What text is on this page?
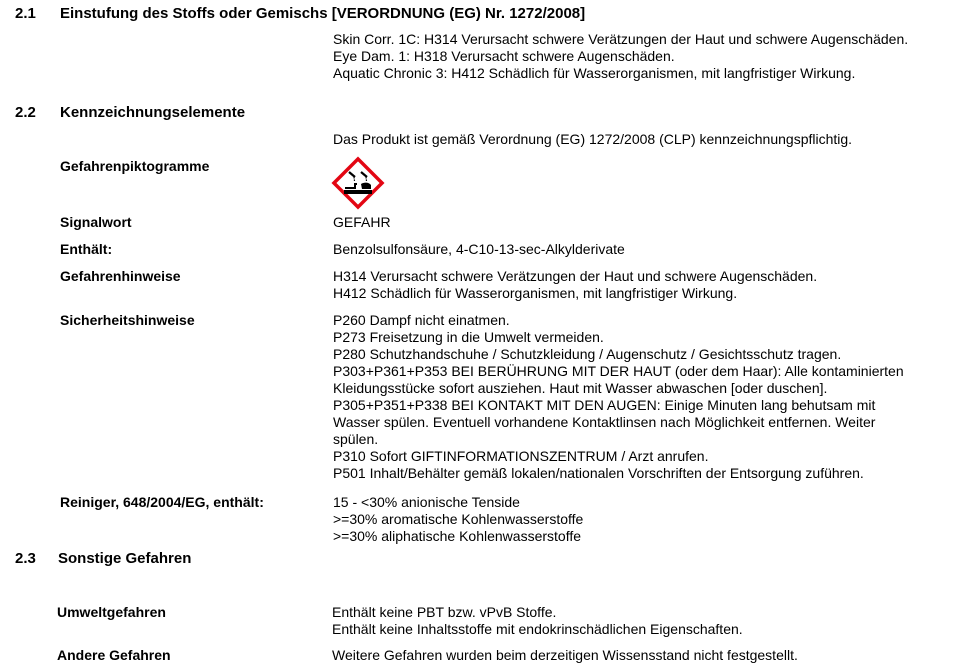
2.1 Einstufung des Stoffs oder Gemischs [VERORDNUNG (EG) Nr. 1272/2008]
Skin Corr. 1C: H314 Verursacht schwere Verätzungen der Haut und schwere Augenschäden.
Eye Dam. 1: H318 Verursacht schwere Augenschäden.
Aquatic Chronic 3: H412 Schädlich für Wasserorganismen, mit langfristiger Wirkung.
2.2 Kennzeichnungselemente
Das Produkt ist gemäß Verordnung (EG) 1272/2008 (CLP) kennzeichnungspflichtig.
Gefahrenpiktogramme
Signalwort	GEFAHR
Enthält:	Benzolsulfonsäure, 4-C10-13-sec-Alkylderivate
Gefahrenhinweise	H314 Verursacht schwere Verätzungen der Haut und schwere Augenschäden.
H412 Schädlich für Wasserorganismen, mit langfristiger Wirkung.
Sicherheitshinweise	P260 Dampf nicht einatmen.
P273 Freisetzung in die Umwelt vermeiden.
P280 Schutzhandschuhe / Schutzkleidung / Augenschutz / Gesichtsschutz tragen.
P303+P361+P353 BEI BERÜHRUNG MIT DER HAUT (oder dem Haar): Alle kontaminierten
Kleidungsstücke sofort ausziehen. Haut mit Wasser abwaschen [oder duschen].
P305+P351+P338 BEI KONTAKT MIT DEN AUGEN: Einige Minuten lang behutsam mit
Wasser spülen. Eventuell vorhandene Kontaktlinsen nach Möglichkeit entfernen. Weiter
spülen.
P310 Sofort GIFTINFORMATIONSZENTRUM / Arzt anrufen.
P501 Inhalt/Behälter gemäß lokalen/nationalen Vorschriften der Entsorgung zuführen.
Reiniger, 648/2004/EG, enthält:	15 - <30% anionische Tenside
>=30% aromatische Kohlenwasserstoffe
>=30% aliphatische Kohlenwasserstoffe
2.3 Sonstige Gefahren
Umweltgefahren	Enthält keine PBT bzw. vPvB Stoffe.
Enthält keine Inhaltsstoffe mit endokrinschädlichen Eigenschaften.
Andere Gefahren	Weitere Gefahren wurden beim derzeitigen Wissensstand nicht festgestellt.
